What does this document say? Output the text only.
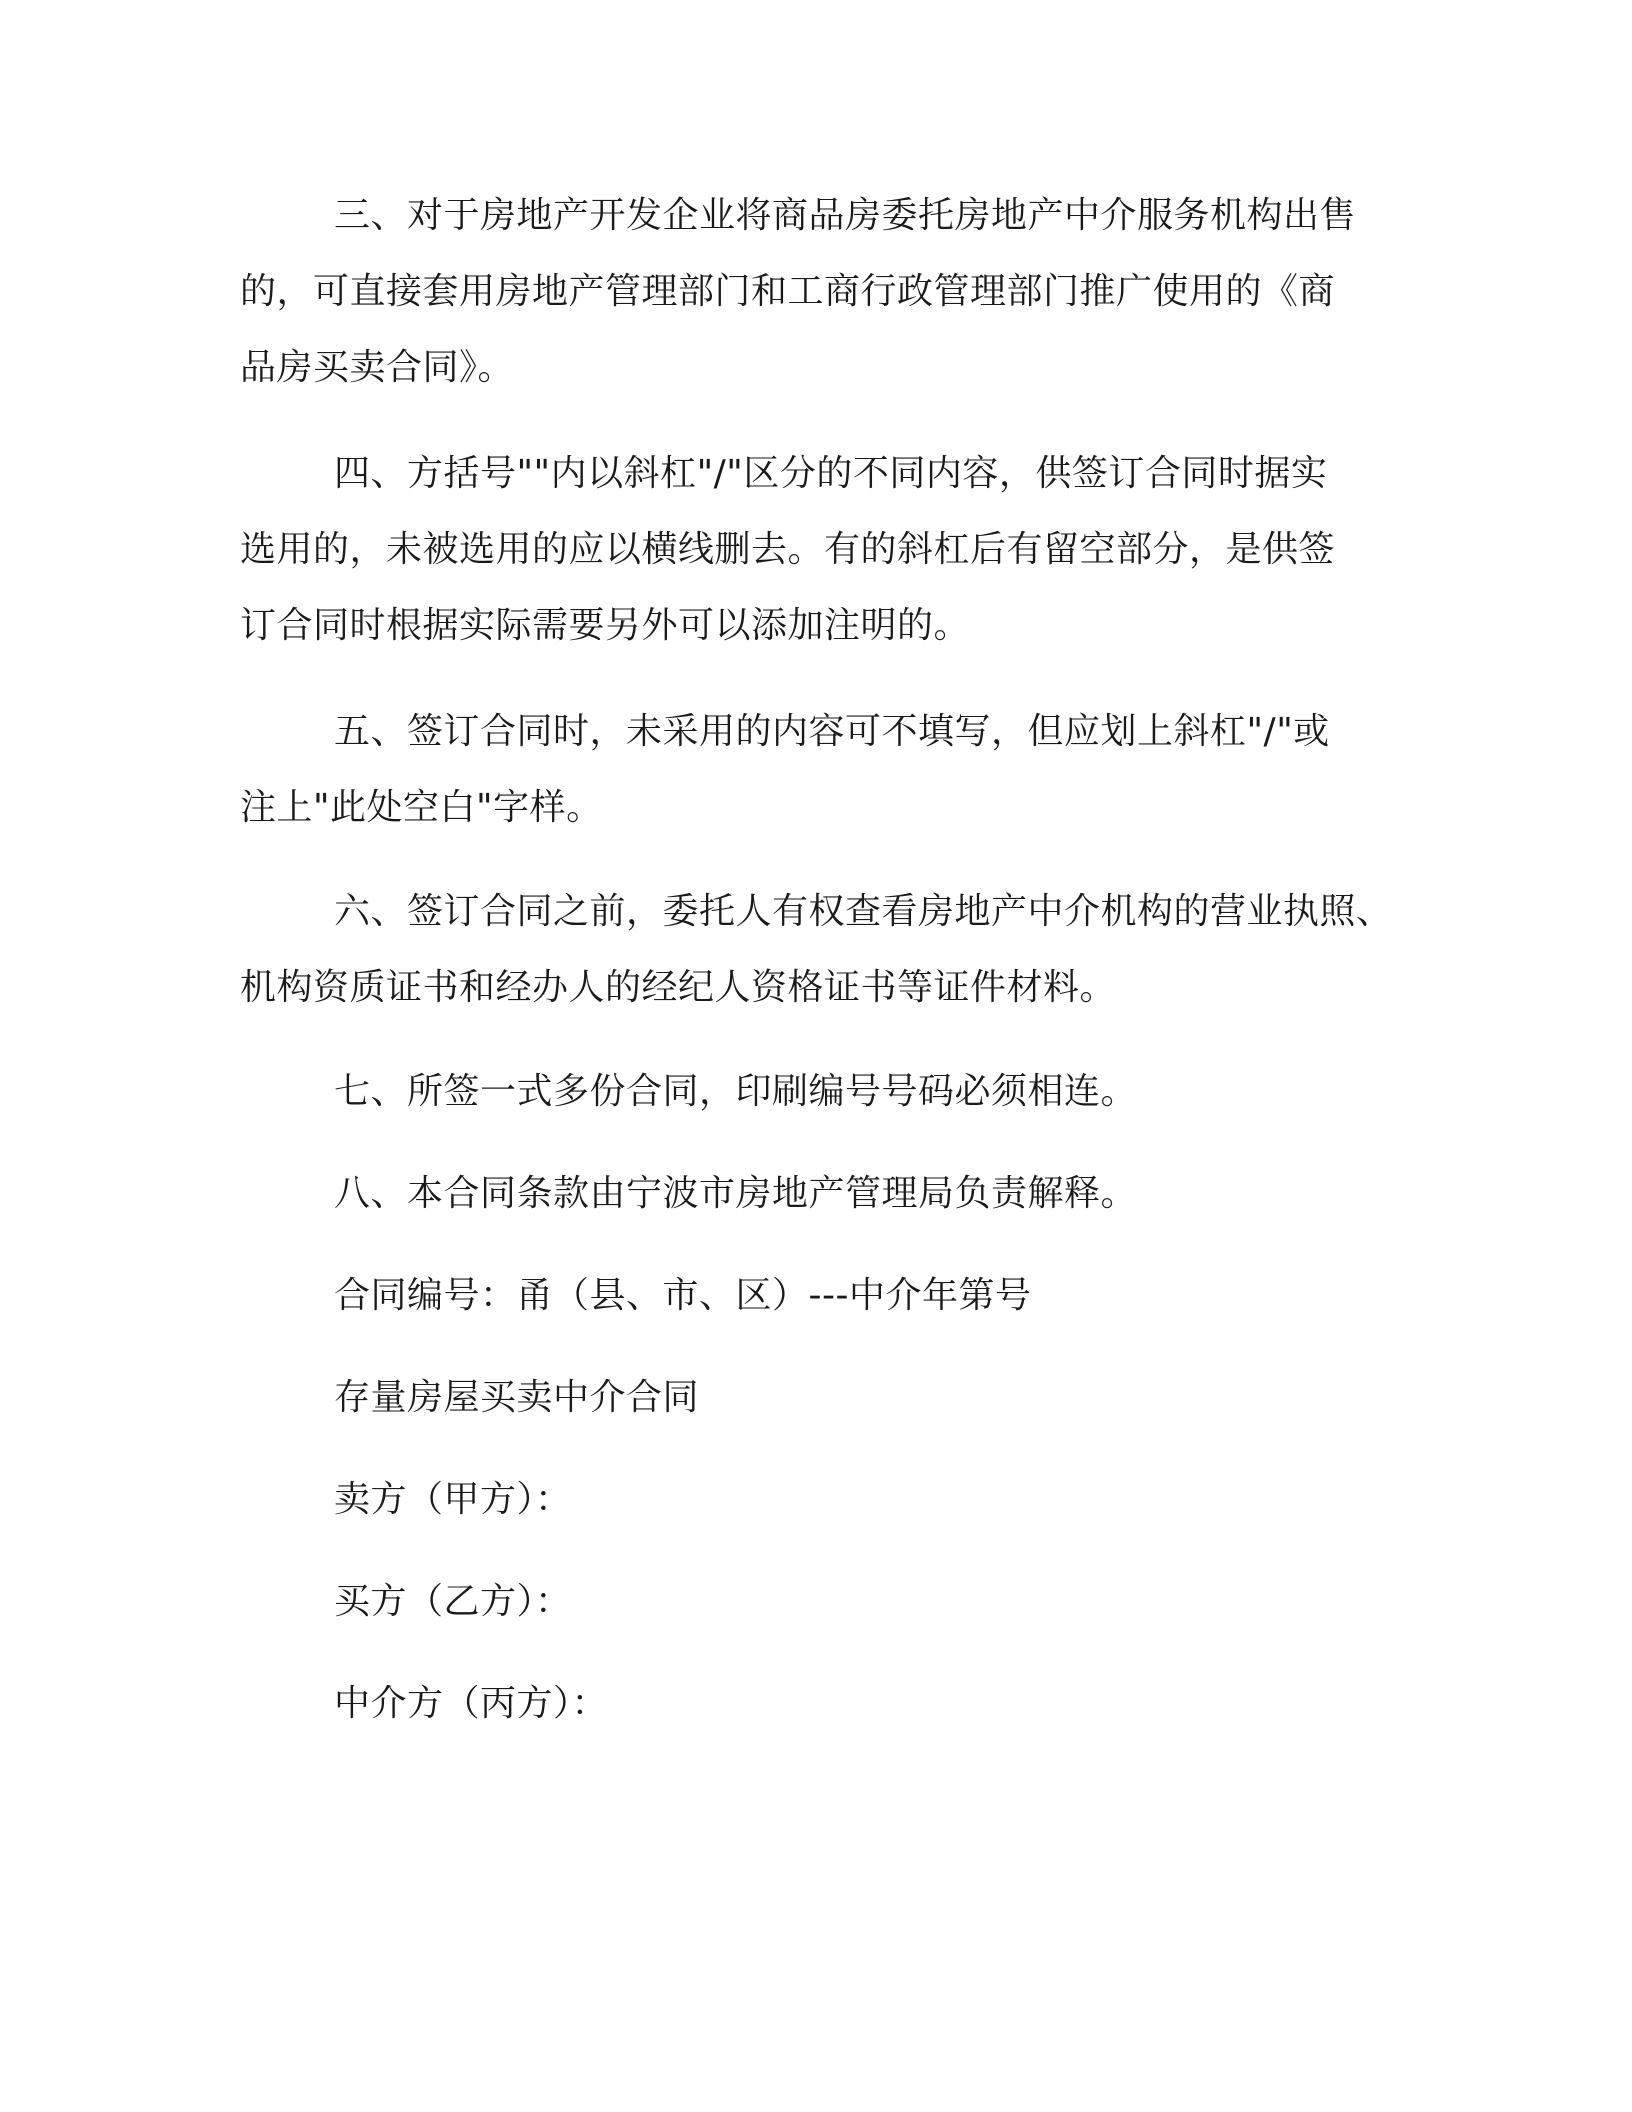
三、对于房地产开发企业将商品房委托房地产中介服务机构出售
的，可直接套用房地产管理部门和工商行政管理部门推广使用的《商
品房买卖合同》。
四、方括号""内以斜杠"/"区分的不同内容，供签订合同时据实
选用的，未被选用的应以横线删去。有的斜杠后有留空部分，是供签
订合同时根据实际需要另外可以添加注明的。
五、签订合同时，未采用的内容可不填写，但应划上斜杠"/"或
注上"此处空白"字样。
六、签订合同之前，委托人有权查看房地产中介机构的营业执照、
机构资质证书和经办人的经纪人资格证书等证件材料。
七、所签一式多份合同，印刷编号号码必须相连。
八、本合同条款由宁波市房地产管理局负责解释。
合同编号：甬（县、市、区）---中介年第号
存量房屋买卖中介合同
卖方（甲方）：
买方（乙方）：
中介方（丙方）：
